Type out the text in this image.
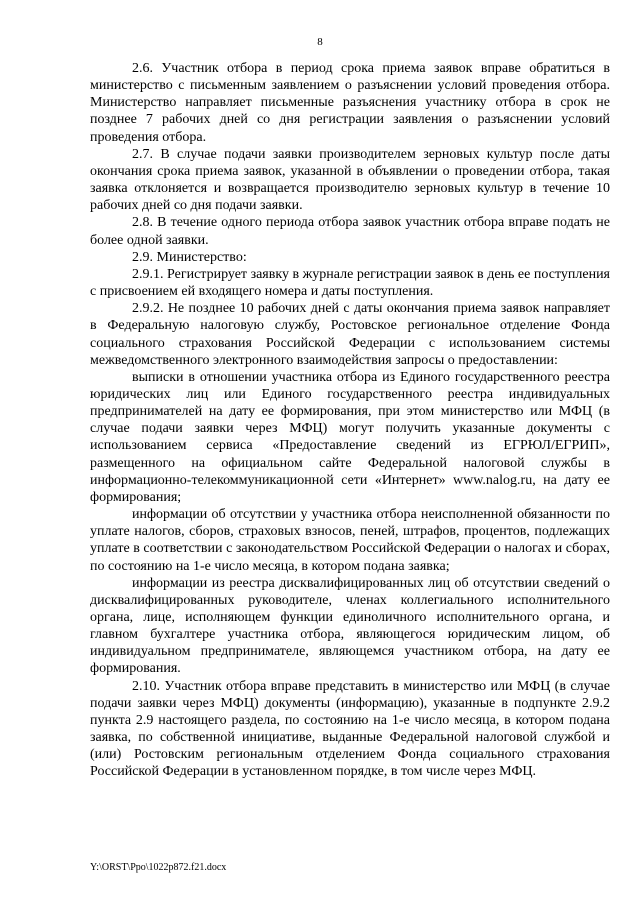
8

2.6. Участник отбора в период срока приема заявок вправе обратиться в министерство с письменным заявлением о разъяснении условий проведения отбора. Министерство направляет письменные разъяснения участнику отбора в срок не позднее 7 рабочих дней со дня регистрации заявления о разъяснении условий проведения отбора.

2.7. В случае подачи заявки производителем зерновых культур после даты окончания срока приема заявок, указанной в объявлении о проведении отбора, такая заявка отклоняется и возвращается производителю зерновых культур в течение 10 рабочих дней со дня подачи заявки.

2.8. В течение одного периода отбора заявок участник отбора вправе подать не более одной заявки.

2.9. Министерство:

2.9.1. Регистрирует заявку в журнале регистрации заявок в день ее поступления с присвоением ей входящего номера и даты поступления.

2.9.2. Не позднее 10 рабочих дней с даты окончания приема заявок направляет в Федеральную налоговую службу, Ростовское региональное отделение Фонда социального страхования Российской Федерации с использованием системы межведомственного электронного взаимодействия запросы о предоставлении:

выписки в отношении участника отбора из Единого государственного реестра юридических лиц или Единого государственного реестра индивидуальных предпринимателей на дату ее формирования, при этом министерство или МФЦ (в случае подачи заявки через МФЦ) могут получить указанные документы с использованием сервиса «Предоставление сведений из ЕГРЮЛ/ЕГРИП», размещенного на официальном сайте Федеральной налоговой службы в информационно-телекоммуникационной сети «Интернет» www.nalog.ru, на дату ее формирования;

информации об отсутствии у участника отбора неисполненной обязанности по уплате налогов, сборов, страховых взносов, пеней, штрафов, процентов, подлежащих уплате в соответствии с законодательством Российской Федерации о налогах и сборах, по состоянию на 1-е число месяца, в котором подана заявка;

информации из реестра дисквалифицированных лиц об отсутствии сведений о дисквалифицированных руководителе, членах коллегиального исполнительного органа, лице, исполняющем функции единоличного исполнительного органа, и главном бухгалтере участника отбора, являющегося юридическим лицом, об индивидуальном предпринимателе, являющемся участником отбора, на дату ее формирования.

2.10. Участник отбора вправе представить в министерство или МФЦ (в случае подачи заявки через МФЦ) документы (информацию), указанные в подпункте 2.9.2 пункта 2.9 настоящего раздела, по состоянию на 1-е число месяца, в котором подана заявка, по собственной инициативе, выданные Федеральной налоговой службой и (или) Ростовским региональным отделением Фонда социального страхования Российской Федерации в установленном порядке, в том числе через МФЦ.

Y:\ORST\Ppo\1022p872.f21.docx
